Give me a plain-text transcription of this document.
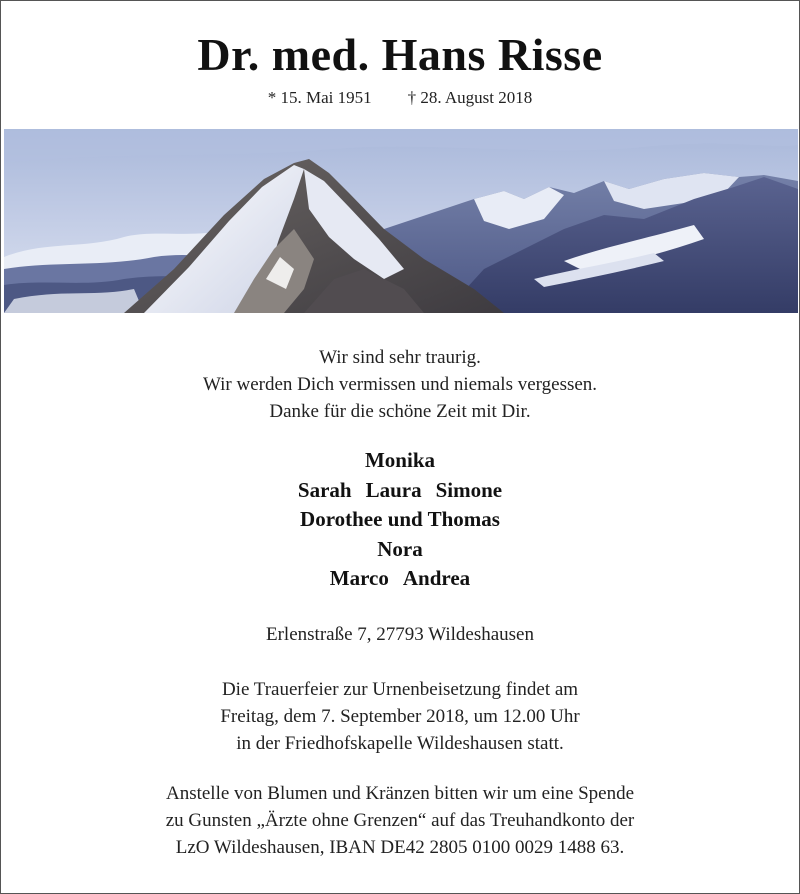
Dr. med. Hans Risse
* 15. Mai 1951 † 28. August 2018
Wir sind sehr traurig.
Wir werden Dich vermissen und niemals vergessen.
Danke für die schöne Zeit mit Dir.
Monika
Sarah Laura Simone
Dorothee und Thomas
Nora
Marco Andrea
Erlenstraße 7, 27793 Wildeshausen
Die Trauerfeier zur Urnenbeisetzung findet am
Freitag, dem 7. September 2018, um 12.00 Uhr
in der Friedhofskapelle Wildeshausen statt.
Anstelle von Blumen und Kränzen bitten wir um eine Spende
zu Gunsten „Ärzte ohne Grenzen“ auf das Treuhandkonto der
LzO Wildeshausen, IBAN DE42 2805 0100 0029 1488 63.
